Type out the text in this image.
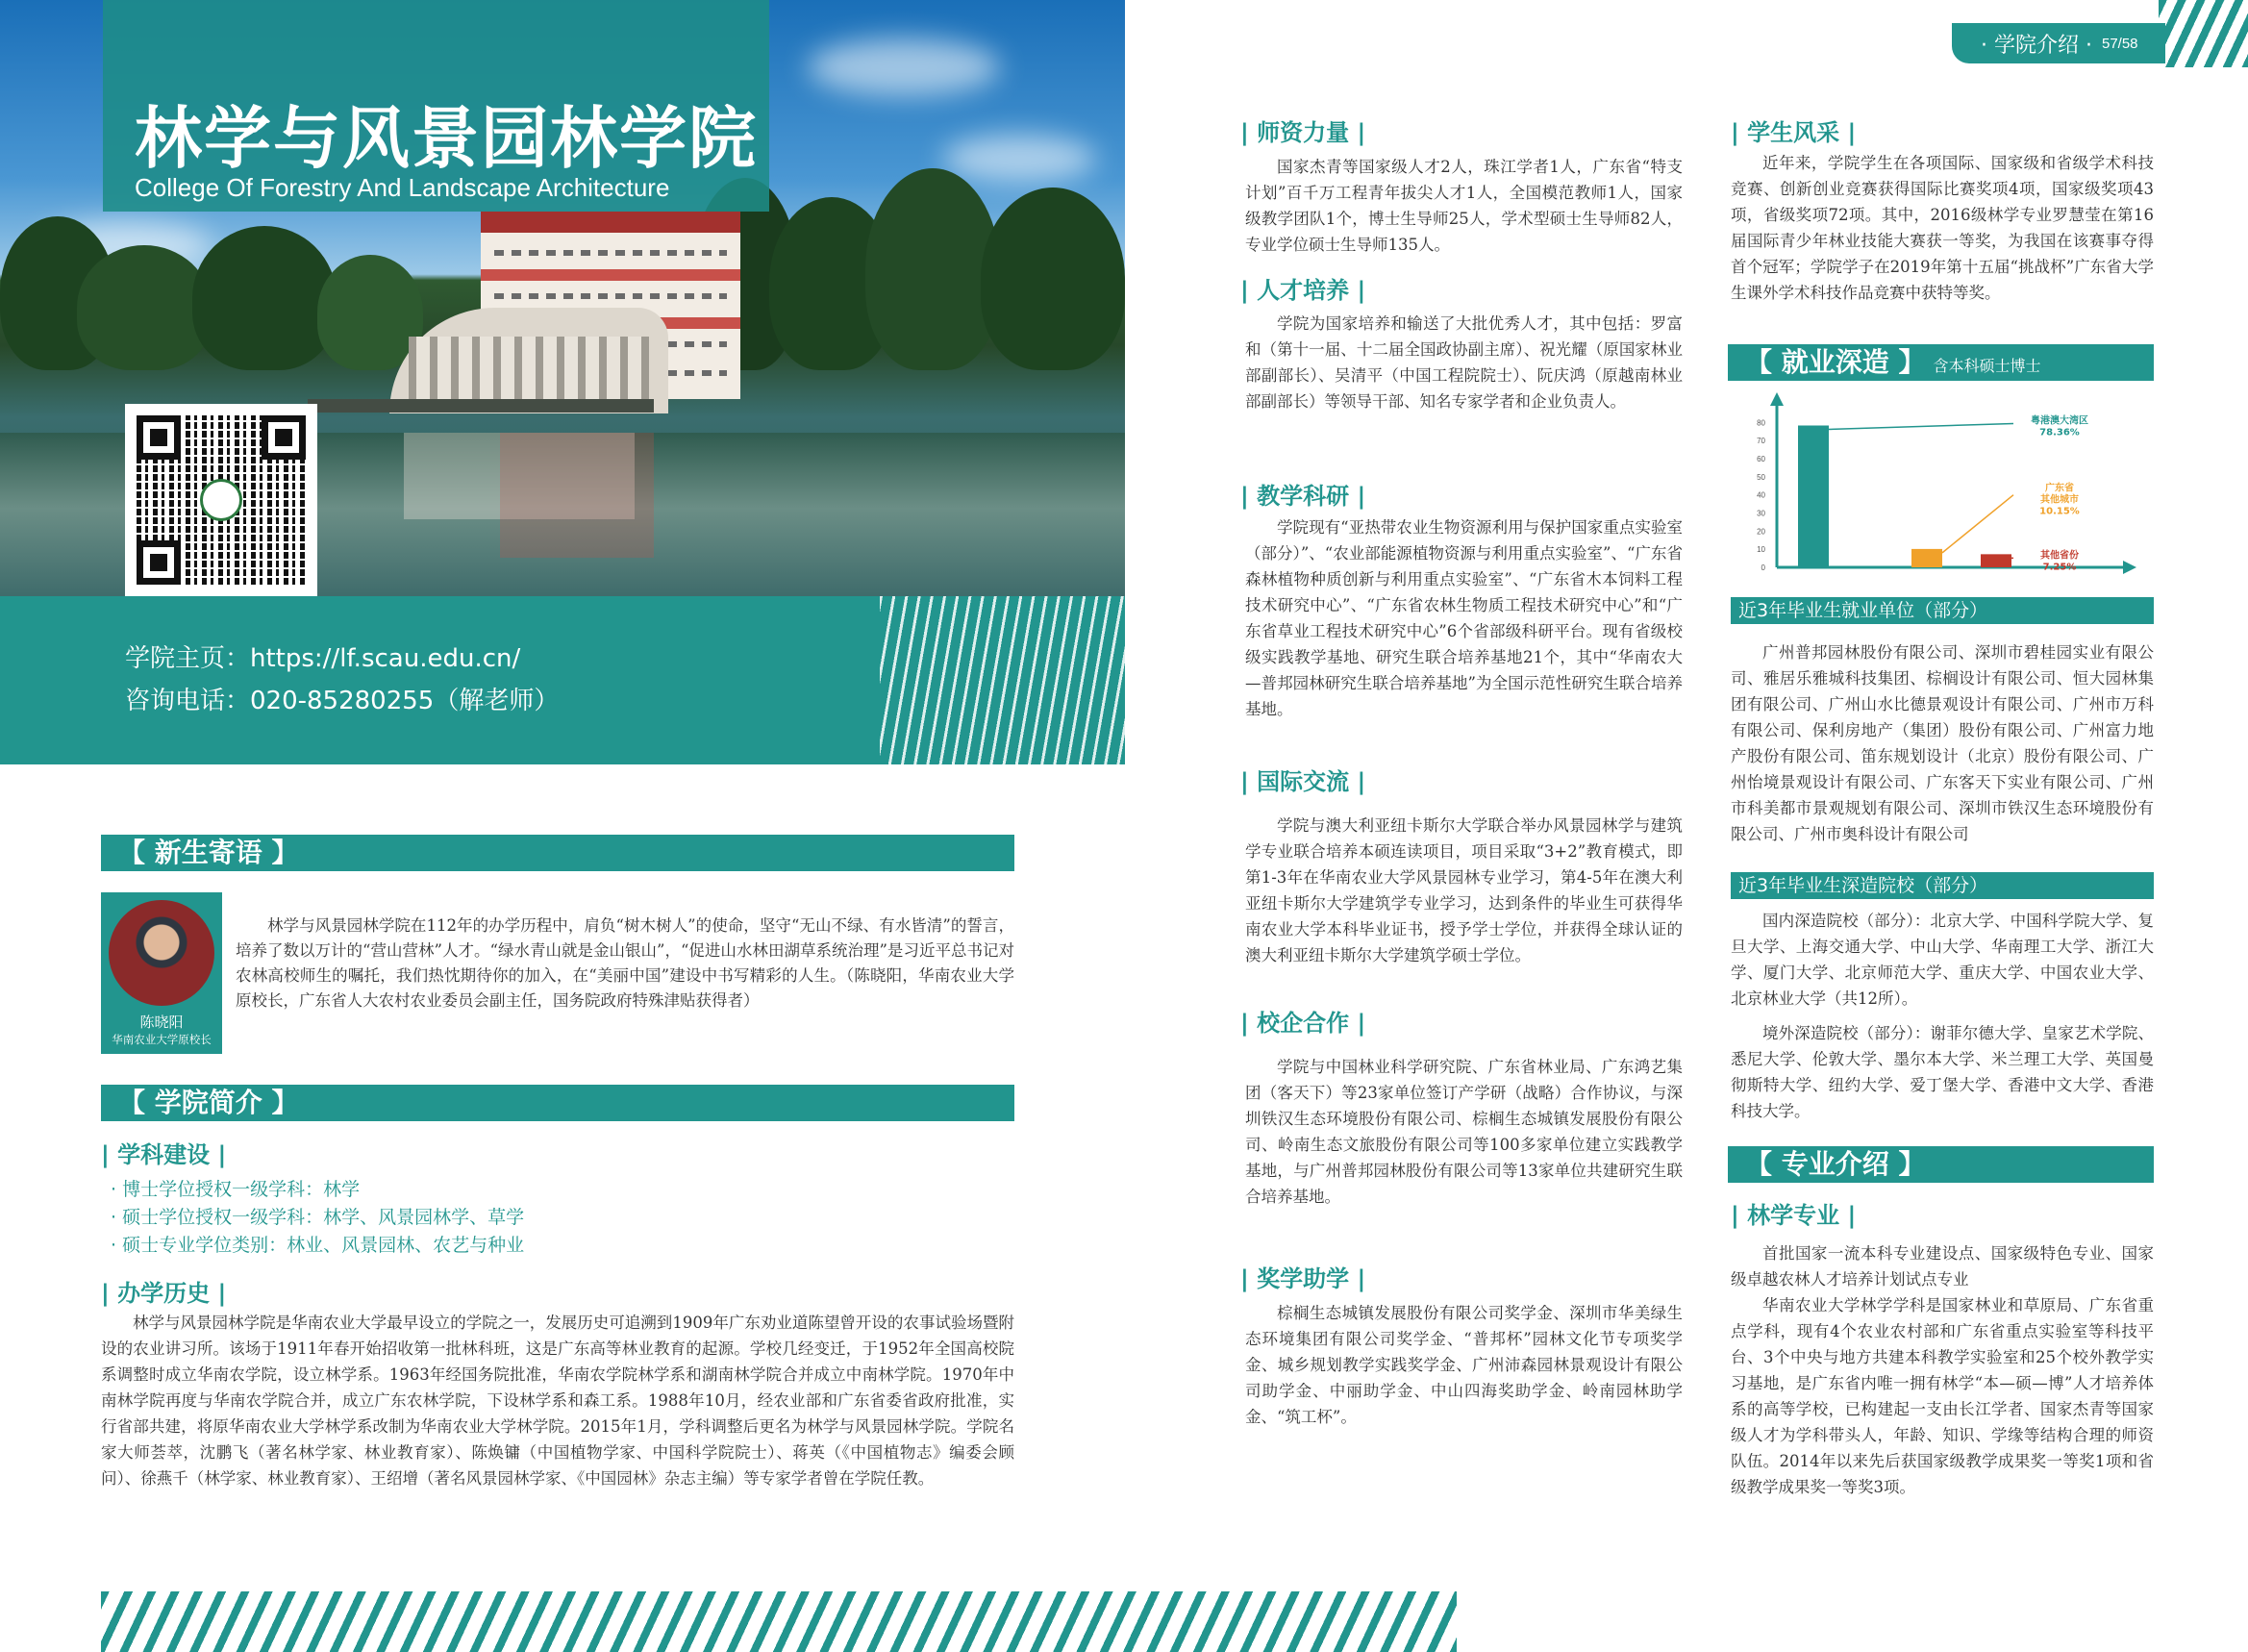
林学与风景园林学院
College Of Forestry And Landscape Architecture
学院主页：https://lf.scau.edu.cn/
咨询电话：020-85280255（解老师）
· 学院介绍 · 57/58
【 新生寄语 】
陈晓阳
华南农业大学原校长
林学与风景园林学院在112年的办学历程中，肩负“树木树人”的使命，坚守“无山不绿、有水皆清”的誓言，培养了数以万计的“营山营林”人才。“绿水青山就是金山银山”，“促进山水林田湖草系统治理”是习近平总书记对农林高校师生的嘱托，我们热忱期待你的加入，在“美丽中国”建设中书写精彩的人生。（陈晓阳，华南农业大学原校长，广东省人大农村农业委员会副主任，国务院政府特殊津贴获得者）
【 学院简介 】
| 学科建设 |
· 博士学位授权一级学科：林学
· 硕士学位授权一级学科：林学、风景园林学、草学
· 硕士专业学位类别：林业、风景园林、农艺与种业
| 办学历史 |
林学与风景园林学院是华南农业大学最早设立的学院之一，发展历史可追溯到1909年广东劝业道陈望曾开设的农事试验场暨附设的农业讲习所。该场于1911年春开始招收第一批林科班，这是广东高等林业教育的起源。学校几经变迁，于1952年全国高校院系调整时成立华南农学院，设立林学系。1963年经国务院批准，华南农学院林学系和湖南林学院合并成立中南林学院。1970年中南林学院再度与华南农学院合并，成立广东农林学院，下设林学系和森工系。1988年10月，经农业部和广东省委省政府批准，实行省部共建，将原华南农业大学林学系改制为华南农业大学林学院。2015年1月，学科调整后更名为林学与风景园林学院。学院名家大师荟萃，沈鹏飞（著名林学家、林业教育家）、陈焕镛（中国植物学家、中国科学院院士）、蒋英（《中国植物志》编委会顾问）、徐燕千（林学家、林业教育家）、王绍增（著名风景园林学家、《中国园林》杂志主编）等专家学者曾在学院任教。
| 师资力量 |
国家杰青等国家级人才2人，珠江学者1人，广东省“特支计划”百千万工程青年拔尖人才1人，全国模范教师1人，国家级教学团队1个，博士生导师25人，学术型硕士生导师82人，专业学位硕士生导师135人。
| 人才培养 |
学院为国家培养和输送了大批优秀人才，其中包括：罗富和（第十一届、十二届全国政协副主席）、祝光耀（原国家林业部副部长）、吴清平（中国工程院院士）、阮庆鸿（原越南林业部副部长）等领导干部、知名专家学者和企业负责人。
| 教学科研 |
学院现有“亚热带农业生物资源利用与保护国家重点实验室（部分）”、“农业部能源植物资源与利用重点实验室”、“广东省森林植物种质创新与利用重点实验室”、“广东省木本饲料工程技术研究中心”、“广东省农林生物质工程技术研究中心”和“广东省草业工程技术研究中心”6个省部级科研平台。现有省级校级实践教学基地、研究生联合培养基地21个，其中“华南农大—普邦园林研究生联合培养基地”为全国示范性研究生联合培养基地。
| 国际交流 |
学院与澳大利亚纽卡斯尔大学联合举办风景园林学与建筑学专业联合培养本硕连读项目，项目采取“3+2”教育模式，即第1-3年在华南农业大学风景园林专业学习，第4-5年在澳大利亚纽卡斯尔大学建筑学专业学习，达到条件的毕业生可获得华南农业大学本科毕业证书，授予学士学位，并获得全球认证的澳大利亚纽卡斯尔大学建筑学硕士学位。
| 校企合作 |
学院与中国林业科学研究院、广东省林业局、广东鸿艺集团（客天下）等23家单位签订产学研（战略）合作协议，与深圳铁汉生态环境股份有限公司、棕榈生态城镇发展股份有限公司、岭南生态文旅股份有限公司等100多家单位建立实践教学基地，与广州普邦园林股份有限公司等13家单位共建研究生联合培养基地。
| 奖学助学 |
棕榈生态城镇发展股份有限公司奖学金、深圳市华美绿生态环境集团有限公司奖学金、“普邦杯”园林文化节专项奖学金、城乡规划教学实践奖学金、广州沛森园林景观设计有限公司助学金、中丽助学金、中山四海奖助学金、岭南园林助学金、“筑工杯”。
| 学生风采 |
近年来，学院学生在各项国际、国家级和省级学术科技竞赛、创新创业竞赛获得国际比赛奖项4项，国家级奖项43项，省级奖项72项。其中，2016级林学专业罗慧莹在第16届国际青少年林业技能大赛获一等奖，为我国在该赛事夺得首个冠军；学院学子在2019年第十五届“挑战杯”广东省大学生课外学术科技作品竞赛中获特等奖。
【 就业深造 】 含本科硕士博士
0
10
20
30
40
50
60
70
80	粤港澳大湾区
78.36%
广东省
其他城市
10.15%
其他省份
7.25%
近3年毕业生就业单位（部分）
广州普邦园林股份有限公司、深圳市碧桂园实业有限公司、雅居乐雅城科技集团、棕榈设计有限公司、恒大园林集团有限公司、广州山水比德景观设计有限公司、广州市万科有限公司、保利房地产（集团）股份有限公司、广州富力地产股份有限公司、笛东规划设计（北京）股份有限公司、广州怡境景观设计有限公司、广东客天下实业有限公司、广州市科美都市景观规划有限公司、深圳市铁汉生态环境股份有限公司、广州市奥科设计有限公司
近3年毕业生深造院校（部分）
国内深造院校（部分）：北京大学、中国科学院大学、复旦大学、上海交通大学、中山大学、华南理工大学、浙江大学、厦门大学、北京师范大学、重庆大学、中国农业大学、北京林业大学（共12所）。
境外深造院校（部分）：谢菲尔德大学、皇家艺术学院、悉尼大学、伦敦大学、墨尔本大学、米兰理工大学、英国曼彻斯特大学、纽约大学、爱丁堡大学、香港中文大学、香港科技大学。
【 专业介绍 】
| 林学专业 |
首批国家一流本科专业建设点、国家级特色专业、国家级卓越农林人才培养计划试点专业
华南农业大学林学学科是国家林业和草原局、广东省重点学科，现有4个农业农村部和广东省重点实验室等科技平台、3个中央与地方共建本科教学实验室和25个校外教学实习基地，是广东省内唯一拥有林学“本—硕—博”人才培养体系的高等学校，已构建起一支由长江学者、国家杰青等国家级人才为学科带头人，年龄、知识、学缘等结构合理的师资队伍。2014年以来先后获国家级教学成果奖一等奖1项和省级教学成果奖一等奖3项。
